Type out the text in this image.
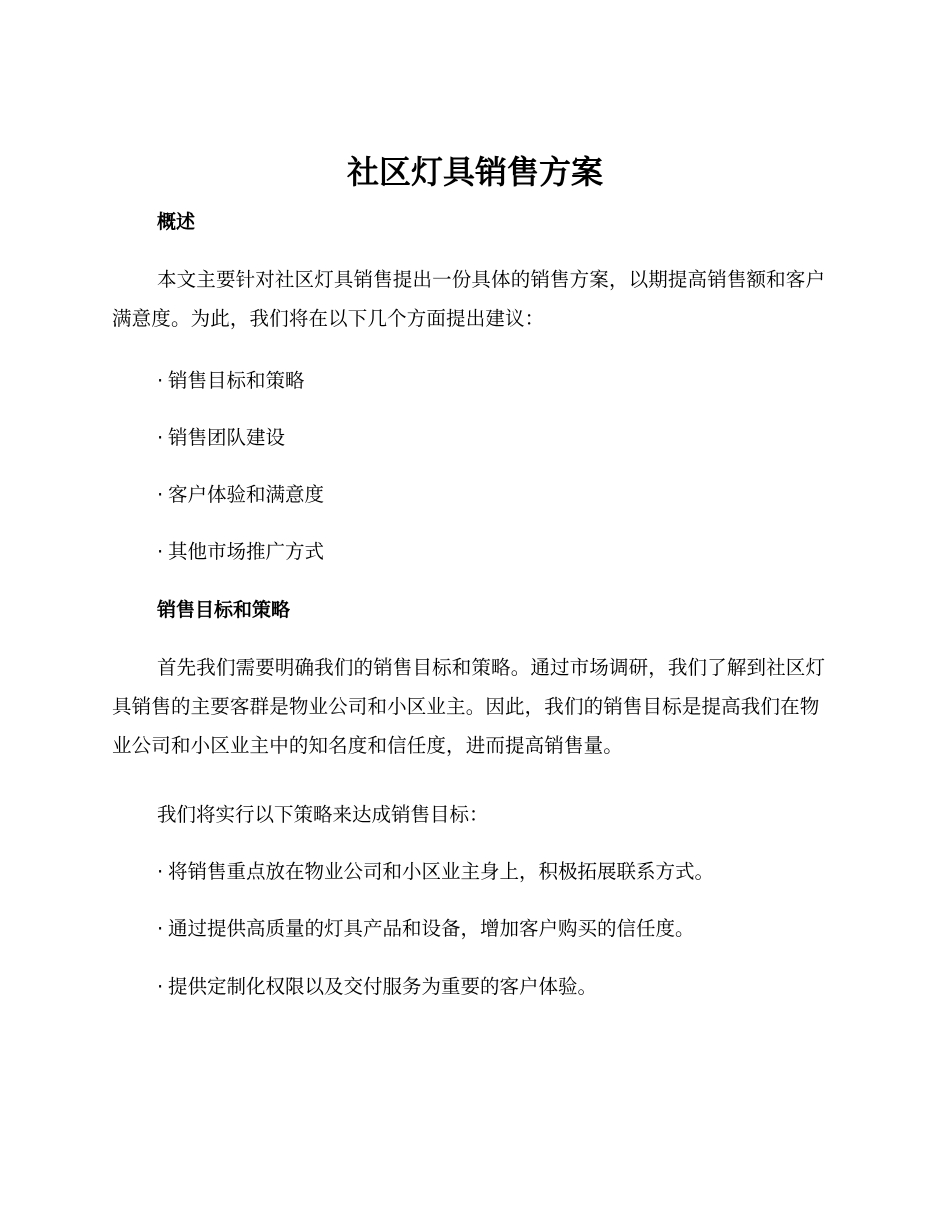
社区灯具销售方案
概述

本文主要针对社区灯具销售提出一份具体的销售方案，以期提高销售额和客户满意度。为此，我们将在以下几个方面提出建议：

· 销售目标和策略
· 销售团队建设
· 客户体验和满意度
· 其他市场推广方式
销售目标和策略

首先我们需要明确我们的销售目标和策略。通过市场调研，我们了解到社区灯具销售的主要客群是物业公司和小区业主。因此，我们的销售目标是提高我们在物业公司和小区业主中的知名度和信任度，进而提高销售量。

我们将实行以下策略来达成销售目标：
· 将销售重点放在物业公司和小区业主身上，积极拓展联系方式。
· 通过提供高质量的灯具产品和设备，增加客户购买的信任度。
· 提供定制化权限以及交付服务为重要的客户体验。
